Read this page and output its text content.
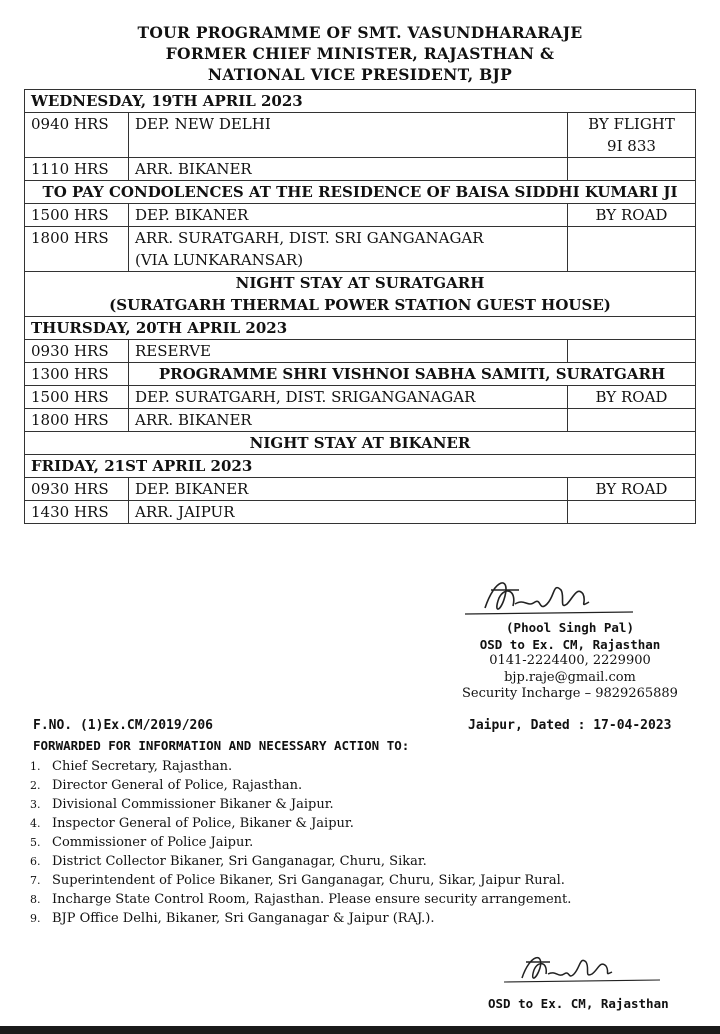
TOUR PROGRAMME OF SMT. VASUNDHARARAJE
FORMER CHIEF MINISTER, RAJASTHAN &
NATIONAL VICE PRESIDENT, BJP
WEDNESDAY, 19TH APRIL 2023		
0940 HRS	DEP. NEW DELHI	BY FLIGHT
9I 833
1110 HRS	ARR. BIKANER	
TO PAY CONDOLENCES AT THE RESIDENCE OF BAISA SIDDHI KUMARI JI		
1500 HRS	DEP. BIKANER	BY ROAD
1800 HRS	ARR. SURATGARH, DIST. SRI GANGANAGAR
(VIA LUNKARANSAR)	
NIGHT STAY AT SURATGARH
(SURATGARH THERMAL POWER STATION GUEST HOUSE)		
THURSDAY, 20TH APRIL 2023		
0930 HRS	RESERVE	
1300 HRS	PROGRAMME SHRI VISHNOI SABHA SAMITI, SURATGARH	
1500 HRS	DEP. SURATGARH, DIST. SRIGANGANAGAR	BY ROAD
1800 HRS	ARR. BIKANER	
NIGHT STAY AT BIKANER		
FRIDAY, 21ST APRIL 2023		
0930 HRS	DEP. BIKANER	BY ROAD
1430 HRS	ARR. JAIPUR	
(Phool Singh Pal)
OSD to Ex. CM, Rajasthan
0141-2224400, 2229900
bjp.raje@gmail.com
Security Incharge – 9829265889
F.NO. (1)Ex.CM/2019/206	Jaipur, Dated : 17-04-2023
FORWARDED FOR INFORMATION AND NECESSARY ACTION TO:
1. Chief Secretary, Rajasthan.
2. Director General of Police, Rajasthan.
3. Divisional Commissioner Bikaner & Jaipur.
4. Inspector General of Police, Bikaner & Jaipur.
5. Commissioner of Police Jaipur.
6. District Collector Bikaner, Sri Ganganagar, Churu, Sikar.
7. Superintendent of Police Bikaner, Sri Ganganagar, Churu, Sikar, Jaipur Rural.
8. Incharge State Control Room, Rajasthan. Please ensure security arrangement.
9. BJP Office Delhi, Bikaner, Sri Ganganagar & Jaipur (RAJ.).
OSD to Ex. CM, Rajasthan
